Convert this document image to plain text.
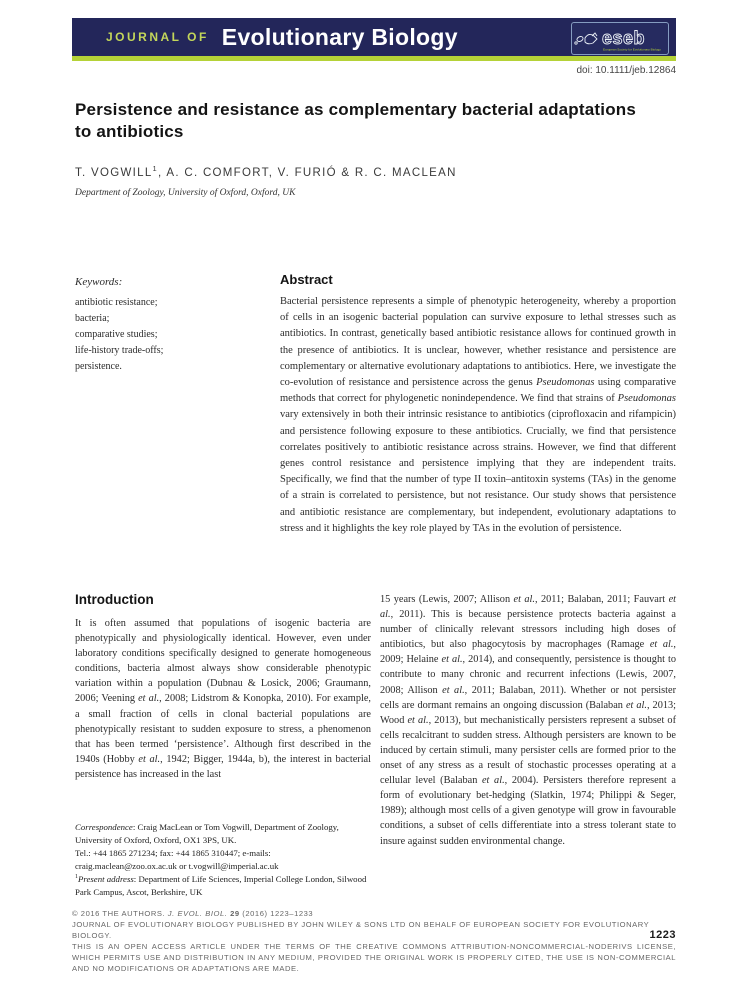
JOURNAL OF Evolutionary Biology	eseb
European Society for Evolutionary Biology
doi: 10.1111/jeb.12864
Persistence and resistance as complementary bacterial adaptations to antibiotics
T. VOGWILL$^1$, A. C. COMFORT, V. FURIÓ & R. C. MACLEAN
Department of Zoology, University of Oxford, Oxford, UK
Keywords:
antibiotic resistance;
bacteria;
comparative studies;
life-history trade-offs;
persistence.
Abstract
Bacterial persistence represents a simple of phenotypic heterogeneity, whereby a proportion of cells in an isogenic bacterial population can survive exposure to lethal stresses such as antibiotics. In contrast, genetically based antibiotic resistance allows for continued growth in the presence of antibiotics. It is unclear, however, whether resistance and persistence are complementary or alternative evolutionary adaptations to antibiotics. Here, we investigate the co-evolution of resistance and persistence across the genus Pseudomonas using comparative methods that correct for phylogenetic nonindependence. We find that strains of Pseudomonas vary extensively in both their intrinsic resistance to antibiotics (ciprofloxacin and rifampicin) and persistence following exposure to these antibiotics. Crucially, we find that persistence correlates positively to antibiotic resistance across strains. However, we find that different genes control resistance and persistence implying that they are independent traits. Specifically, we find that the number of type II toxin–antitoxin systems (TAs) in the genome of a strain is correlated to persistence, but not resistance. Our study shows that persistence and antibiotic resistance are complementary, but independent, evolutionary adaptations to stress and it highlights the key role played by TAs in the evolution of persistence.
Introduction
It is often assumed that populations of isogenic bacteria are phenotypically and physiologically identical. However, even under laboratory conditions specifically designed to generate homogeneous conditions, bacteria almost always show considerable phenotypic variation within a population (Dubnau & Losick, 2006; Graumann, 2006; Veening et al., 2008; Lidstrom & Konopka, 2010). For example, a small fraction of cells in clonal bacterial populations are phenotypically resistant to sudden exposure to stress, a phenomenon that has been termed ‘persistence’. Although first described in the 1940s (Hobby et al., 1942; Bigger, 1944a, b), the interest in bacterial persistence has increased in the last
15 years (Lewis, 2007; Allison et al., 2011; Balaban, 2011; Fauvart et al., 2011). This is because persistence protects bacteria against a number of clinically relevant stressors including high doses of antibiotics, but also phagocytosis by macrophages (Ramage et al., 2009; Helaine et al., 2014), and consequently, persistence is thought to contribute to many chronic and recurrent infections (Lewis, 2007, 2008; Allison et al., 2011; Balaban, 2011). Whether or not persister cells are dormant remains an ongoing discussion (Balaban et al., 2013; Wood et al., 2013), but mechanistically persisters represent a subset of cells recalcitrant to sudden stress. Although persisters are known to be induced by certain stimuli, many persister cells are formed prior to the onset of any stress as a result of stochastic processes operating at a cellular level (Balaban et al., 2004). Persisters therefore represent a form of evolutionary bet-hedging (Slatkin, 1974; Philippi & Seger, 1989); although most cells of a given genotype will grow in favourable conditions, a subset of cells differentiate into a stress tolerant state to insure against sudden environmental change.

Correspondence: Craig MacLean or Tom Vogwill, Department of Zoology, University of Oxford, Oxford, OX1 3PS, UK.

Tel.: +44 1865 271234; fax: +44 1865 310447; e-mails: craig.maclean@zoo.ox.ac.uk or t.vogwill@imperial.ac.uk

$^1$Present address: Department of Life Sciences, Imperial College London, Silwood Park Campus, Ascot, Berkshire, UK

© 2016 THE AUTHORS. J. EVOL. BIOL. 29 (2016) 1223–1233
JOURNAL OF EVOLUTIONARY BIOLOGY PUBLISHED BY JOHN WILEY & SONS LTD ON BEHALF OF EUROPEAN SOCIETY FOR EVOLUTIONARY BIOLOGY.	1223
THIS IS AN OPEN ACCESS ARTICLE UNDER THE TERMS OF THE CREATIVE COMMONS ATTRIBUTION-NONCOMMERCIAL-NODERIVS LICENSE, WHICH PERMITS USE AND DISTRIBUTION IN ANY MEDIUM, PROVIDED THE ORIGINAL WORK IS PROPERLY CITED, THE USE IS NON-COMMERCIAL AND NO MODIFICATIONS OR ADAPTATIONS ARE MADE.
